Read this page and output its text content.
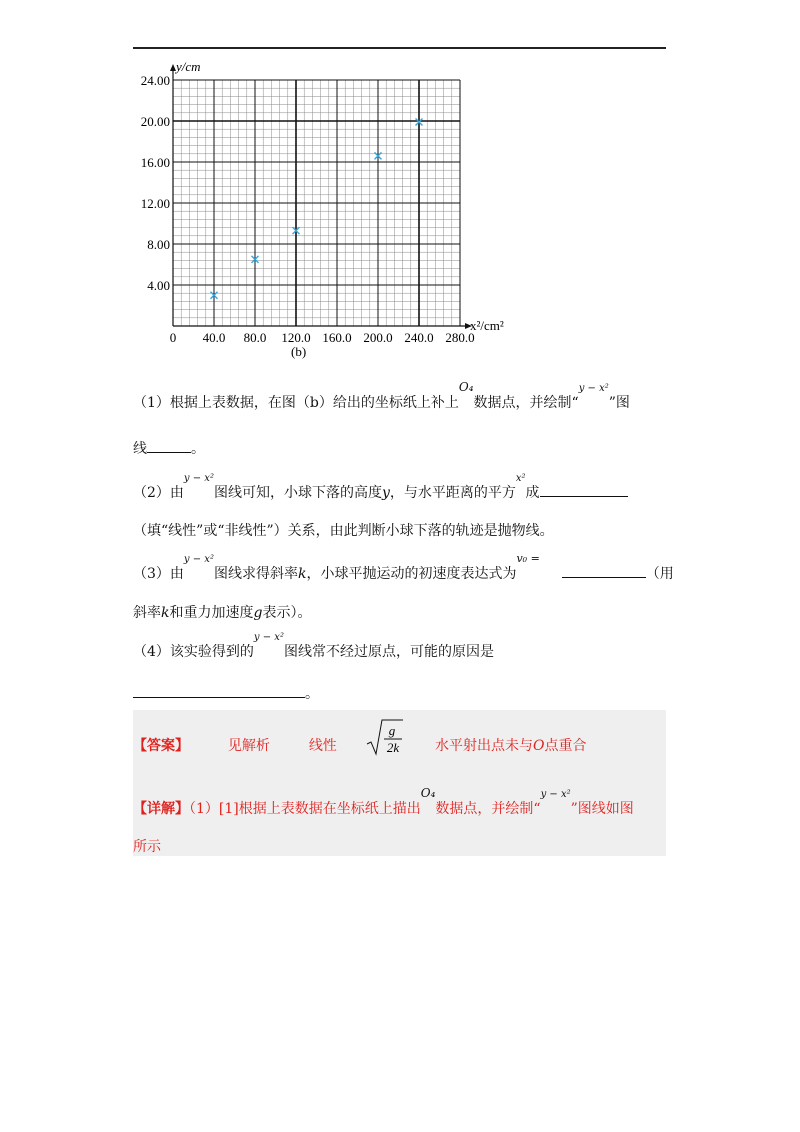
0 40.0 80.0 120.0 160.0 200.0 240.0 280.0
4.00
8.00
12.00
16.00
20.00
24.00
y/cm
x²/cm²
(b)
（1）根据上表数据，在图（b）给出的坐标纸上补上O₄数据点，并绘制“$^{y - x^2}$”图
线	。
（2）由$^{y - x^2}$图线可知，小球下落的高度y，与水平距离的平方$^{x^2}$成
（填“线性”或“非线性”）关系，由此判断小球下落的轨迹是抛物线。
（3）由$^{y - x^2}$图线求得斜率k，小球平抛运动的初速度表达式为$^{v_0 =}$（用
斜率k和重力加速度g表示）。
（4）该实验得到的$^{y - x^2}$图线常不经过原点，可能的原因是
。
【答案】	见解析	线性
g
2k	水平射出点未与O点重合
【详解】（1）[1]根据上表数据在坐标纸上描出O₄数据点，并绘制“$^{y - x^2}$”图线如图
所示
